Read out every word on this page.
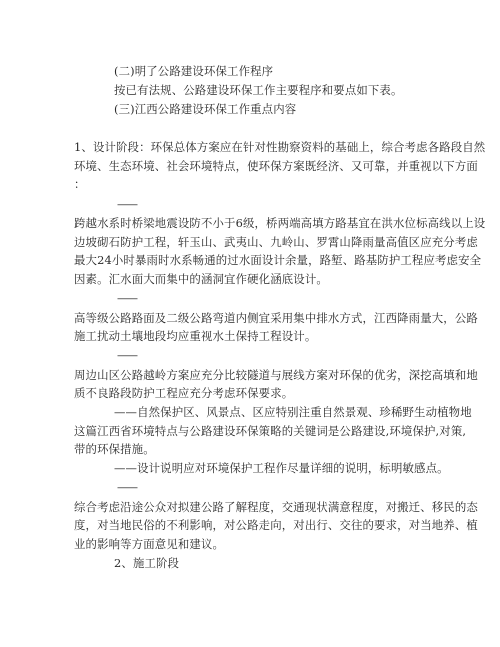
(二)明了公路建设环保工作程序
按已有法规、公路建设环保工作主要程序和要点如下表。
(三)江西公路建设环保工作重点内容
1、设计阶段：环保总体方案应在针对性勘察资料的基础上，综合考虑各路段自然
环境、生态环境、社会环境特点，使环保方案既经济、又可靠，并重视以下方面
：
——
跨越水系时桥梁地震设防不小于6级，桥两端高填方路基宜在洪水位标高线以上设
边坡砌石防护工程，轩玉山、武夷山、九岭山、罗霄山降雨量高值区应充分考虑
最大24小时暴雨时水系畅通的过水面设计余量，路堑、路基防护工程应考虑安全
因素。汇水面大而集中的涵洞宜作硬化涵底设计。
——
高等级公路路面及二级公路弯道内侧宜采用集中排水方式，江西降雨量大，公路
施工扰动土壤地段均应重视水土保持工程设计。
——
周边山区公路越岭方案应充分比较隧道与展线方案对环保的优劣，深挖高填和地
质不良路段防护工程应充分考虑环保要求。
——自然保护区、风景点、区应特别注重自然景观、珍稀野生动植物地
这篇江西省环境特点与公路建设环保策略的关键词是公路建设,环境保护,对策,
带的环保措施。
——设计说明应对环境保护工程作尽量详细的说明，标明敏感点。
——
综合考虑沿途公众对拟建公路了解程度，交通现状满意程度，对搬迁、移民的态
度，对当地民俗的不利影响，对公路走向，对出行、交往的要求，对当地养、植
业的影响等方面意见和建议。
2、施工阶段
